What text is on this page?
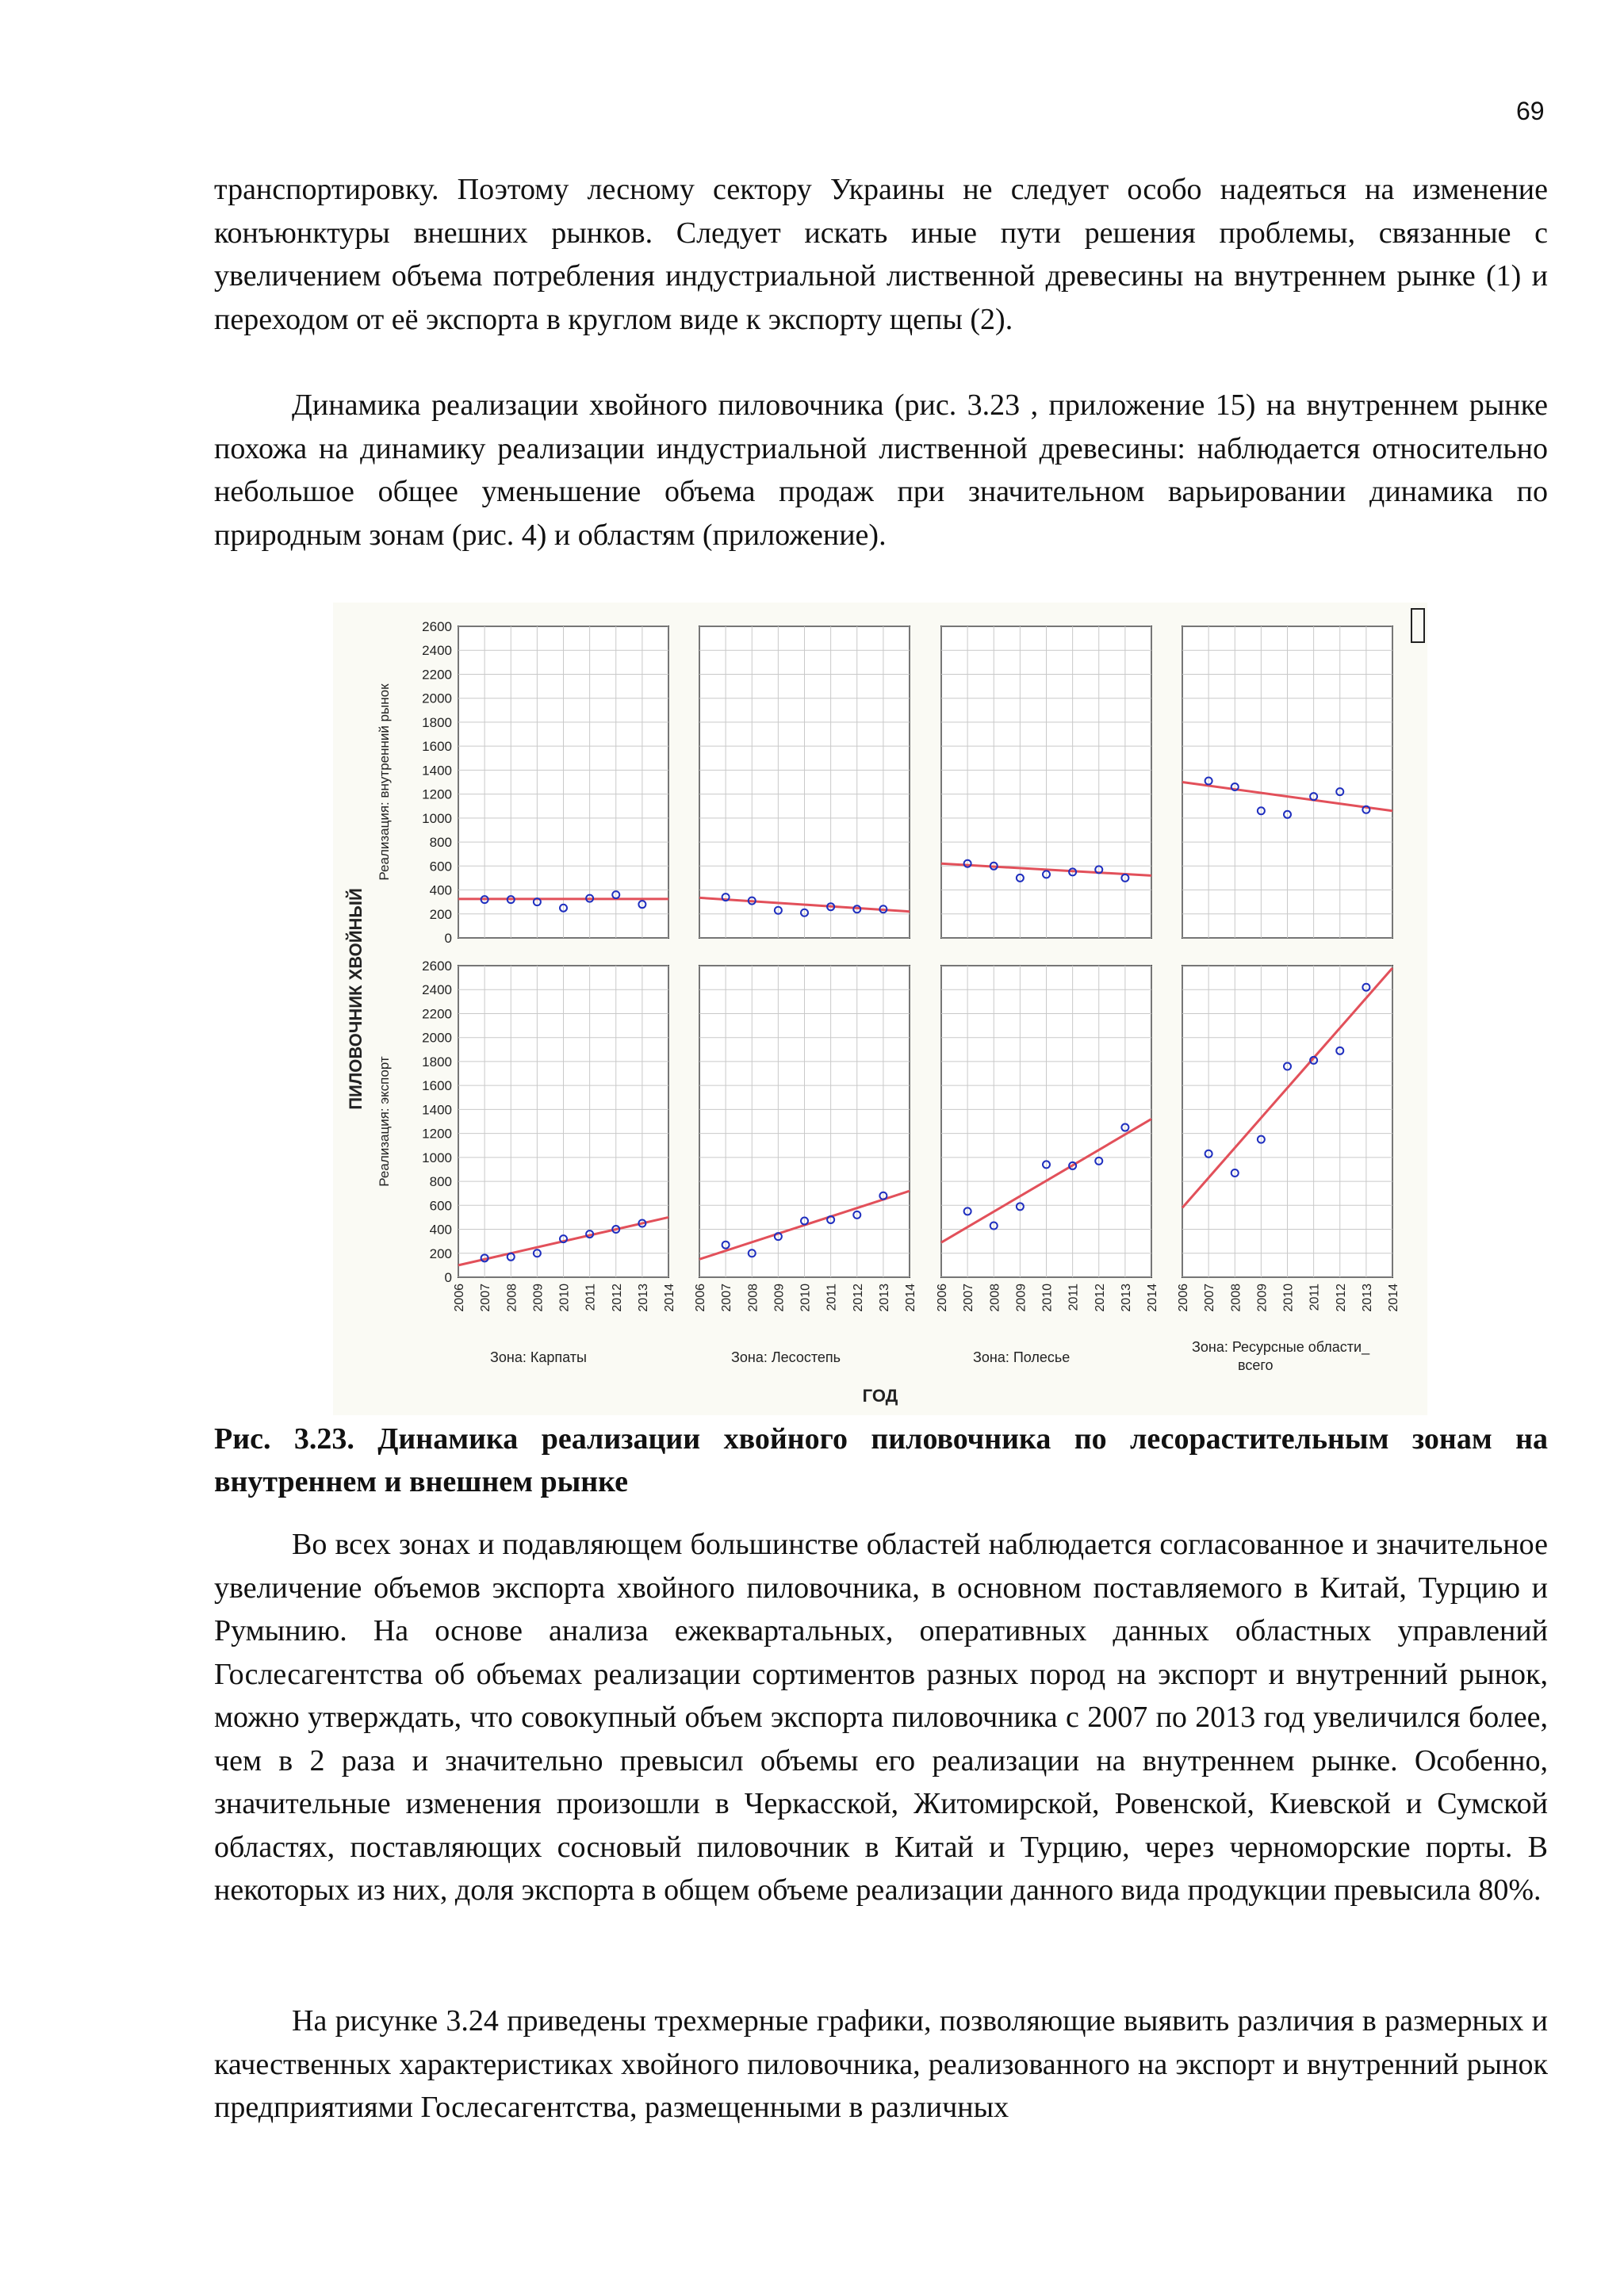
69

транспортировку. Поэтому лесному сектору Украины не следует особо надеяться на изменение конъюнктуры внешних рынков. Следует искать иные пути решения проблемы, связанные с увеличением объема потребления индустриальной лиственной древесины на внутреннем рынке (1) и переходом от её экспорта в круглом виде к экспорту щепы (2).

Динамика реализации хвойного пиловочника (рис. 3.23 , приложение 15) на внутреннем рынке похожа на динамику реализации индустриальной лиственной древесины: наблюдается относительно небольшое общее уменьшение объема продаж при значительном варьировании динамика по природным зонам (рис. 4) и областям (приложение).

0
200
400
600
800
1000
1200
1400
1600
1800
2000
2200
2400
2600
Реализация: внутренний рынок
0
200
400
600
800
1000
1200
1400
1600
1800
2000
2200
2400
2600
Реализация: экспорт
2006 2007 2008 2009 2010 2011 2012 2013 2014 2006 2007 2008 2009 2010 2011 2012 2013 2014 2006 2007 2008 2009 2010 2011 2012 2013 2014 2006 2007 2008 2009 2010 2011 2012 2013 2014
Зона: Карпаты	Зона: Лесостепь	Зона: Полесье
Зона: Ресурсные области_
всего
ПИЛОВОЧНИК ХВОЙНЫЙ
ГОД

Рис. 3.23. Динамика реализации хвойного пиловочника по лесорастительным зонам на внутреннем и внешнем рынке

Во всех зонах и подавляющем большинстве областей наблюдается согласованное и значительное увеличение объемов экспорта хвойного пиловочника, в основном поставляемого в Китай, Турцию и Румынию. На основе анализа ежеквартальных, оперативных данных областных управлений Гослесагентства об объемах реализации сортиментов разных пород на экспорт и внутренний рынок, можно утверждать, что совокупный объем экспорта пиловочника с 2007 по 2013 год увеличился более, чем в 2 раза и значительно превысил объемы его реализации на внутреннем рынке. Особенно, значительные изменения произошли в Черкасской, Житомирской, Ровенской, Киевской и Сумской областях, поставляющих сосновый пиловочник в Китай и Турцию, через черноморские порты. В некоторых из них, доля экспорта в общем объеме реализации данного вида продукции превысила 80%.

На рисунке 3.24 приведены трехмерные графики, позволяющие выявить различия в размерных и качественных характеристиках хвойного пиловочника, реализованного на экспорт и внутренний рынок предприятиями Гослесагентства, размещенными в различных
